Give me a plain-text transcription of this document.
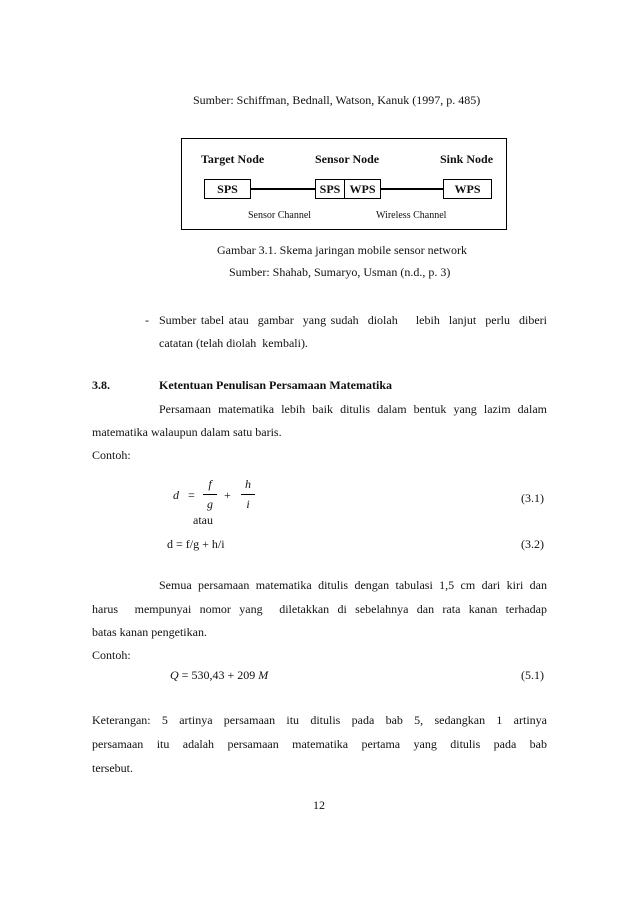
Sumber: Schiffman, Bednall, Watson, Kanuk (1997, p. 485)
Target Node	Sensor Node	Sink Node
SPS	SPS WPS	WPS
Sensor Channel	Wireless Channel
Gambar 3.1. Skema jaringan mobile sensor network
Sumber: Shahab, Sumaryo, Usman (n.d., p. 3)
- Sumber tabel atau  gambar  yang sudah  diolah    lebih  lanjut  perlu  diberi
catatan (telah diolah  kembali).
3.8.	Ketentuan Penulisan Persamaan Matematika
Persamaan matematika lebih baik ditulis dalam bentuk yang lazim dalam
matematika walaupun dalam satu baris.
Contoh:
d =
f
g
+
h
i	(3.1)
atau
d = f/g + h/i	(3.2)
Semua persamaan matematika ditulis dengan tabulasi 1,5 cm dari kiri dan
harus  mempunyai nomor yang  diletakkan di sebelahnya dan rata kanan terhadap
batas kanan pengetikan.
Contoh:
Q = 530,43 + 209 M	(5.1)
Keterangan: 5 artinya persamaan itu ditulis pada bab 5, sedangkan 1 artinya
persamaan  itu  adalah  persamaan  matematika  pertama  yang  ditulis  pada  bab
tersebut.
12
